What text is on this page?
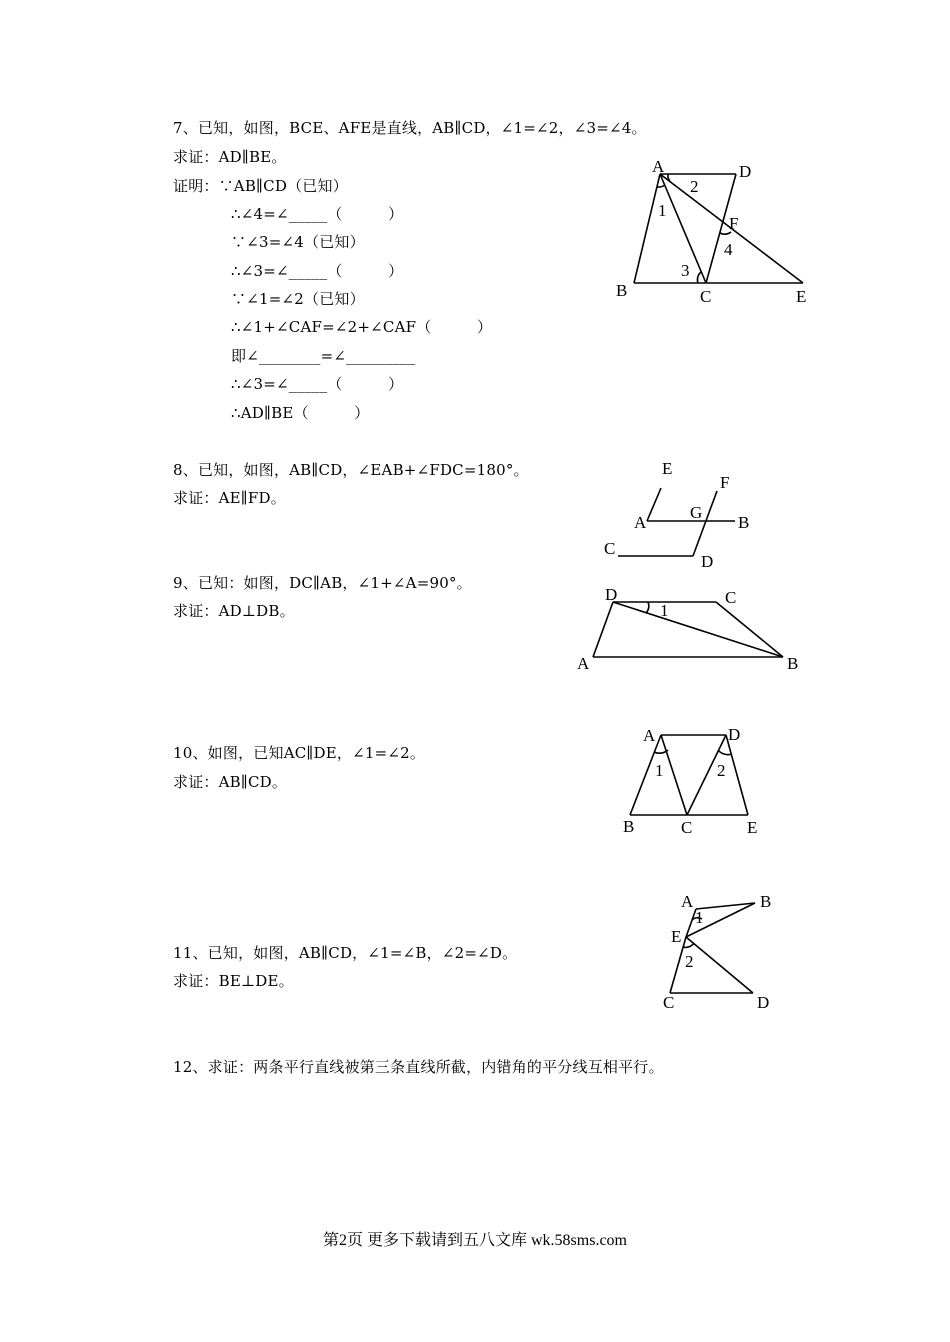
7、已知，如图，BCE、AFE是直线，AB∥CD，∠1=∠2，∠3=∠4。
求证：AD∥BE。
证明：∵AB∥CD（已知）
∴∠4=∠_____（　　　）
∵∠3=∠4（已知）
∴∠3=∠_____（　　　）
∵∠1=∠2（已知）
∴∠1+∠CAF=∠2+∠CAF（　　　）
即∠________=∠_________
∴∠3=∠_____（　　　）
∴AD∥BE（　　　）
A	D
B	C	E
F
2
1
4
3
8、已知，如图，AB∥CD，∠EAB+∠FDC=180°。
求证：AE∥FD。
E
F
A
G
B
C
D
9、已知：如图，DC∥AB，∠1+∠A=90°。
求证：AD⊥DB。
D	C
A	B
1
10、如图，已知AC∥DE，∠1=∠2。
求证：AB∥CD。
A	D
B	C	E
1	2
11、已知，如图，AB∥CD，∠1=∠B，∠2=∠D。
求证：BE⊥DE。
A	B
E
C	D
1
2
12、求证：两条平行直线被第三条直线所截，内错角的平分线互相平行。
第2页 更多下载请到五八文库 wk.58sms.com
